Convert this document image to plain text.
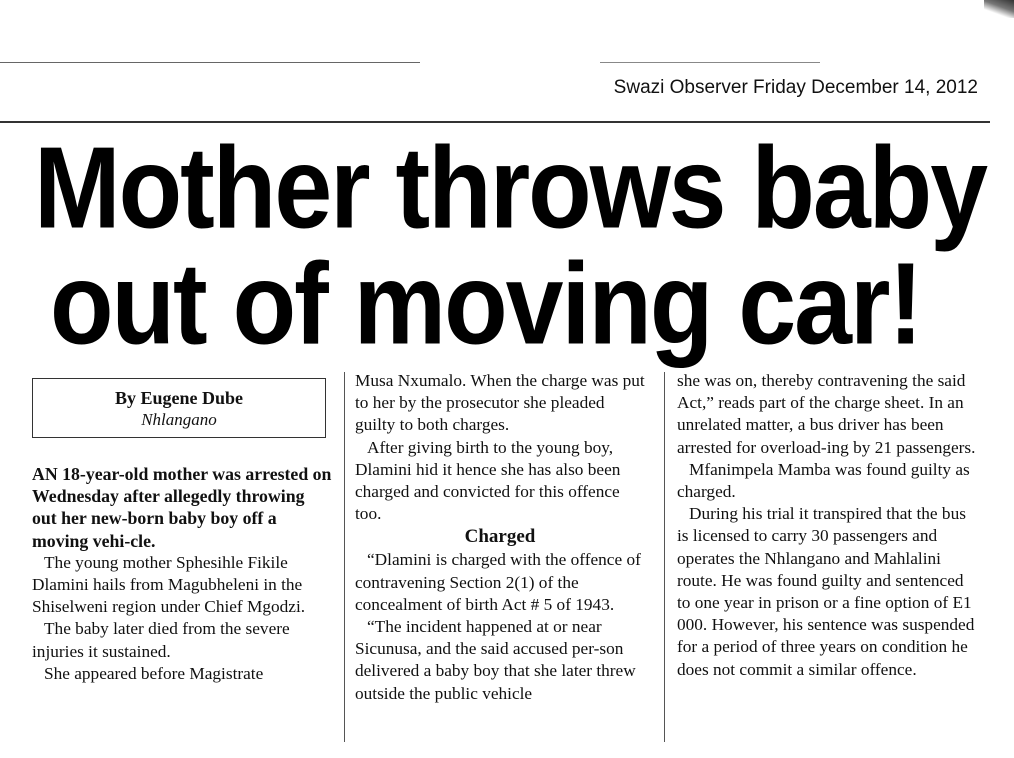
Swazi Observer Friday December 14, 2012
Mother throws baby
out of moving car!
By Eugene Dube
Nhlangano

AN 18-year-old mother was arrested on Wednesday after allegedly throwing out her new-born baby boy off a moving vehi-cle.

The young mother Sphesihle Fikile Dlamini hails from Magubheleni in the Shiselweni region under Chief Mgodzi.

The baby later died from the severe injuries it sustained.

She appeared before Magistrate

Musa Nxumalo. When the charge was put to her by the prosecutor she pleaded guilty to both charges.

After giving birth to the young boy, Dlamini hid it hence she has also been charged and convicted for this offence too.

Charged

“Dlamini is charged with the offence of contravening Section 2(1) of the concealment of birth Act # 5 of 1943.

“The incident happened at or near Sicunusa, and the said accused per-son delivered a baby boy that she later threw outside the public vehicle

she was on, thereby contravening the said Act,” reads part of the charge sheet. In an unrelated matter, a bus driver has been arrested for overload-ing by 21 passengers.

Mfanimpela Mamba was found guilty as charged.

During his trial it transpired that the bus is licensed to carry 30 passengers and operates the Nhlangano and Mahlalini route. He was found guilty and sentenced to one year in prison or a fine option of E1 000. However, his sentence was suspended for a period of three years on condition he does not commit a similar offence.
